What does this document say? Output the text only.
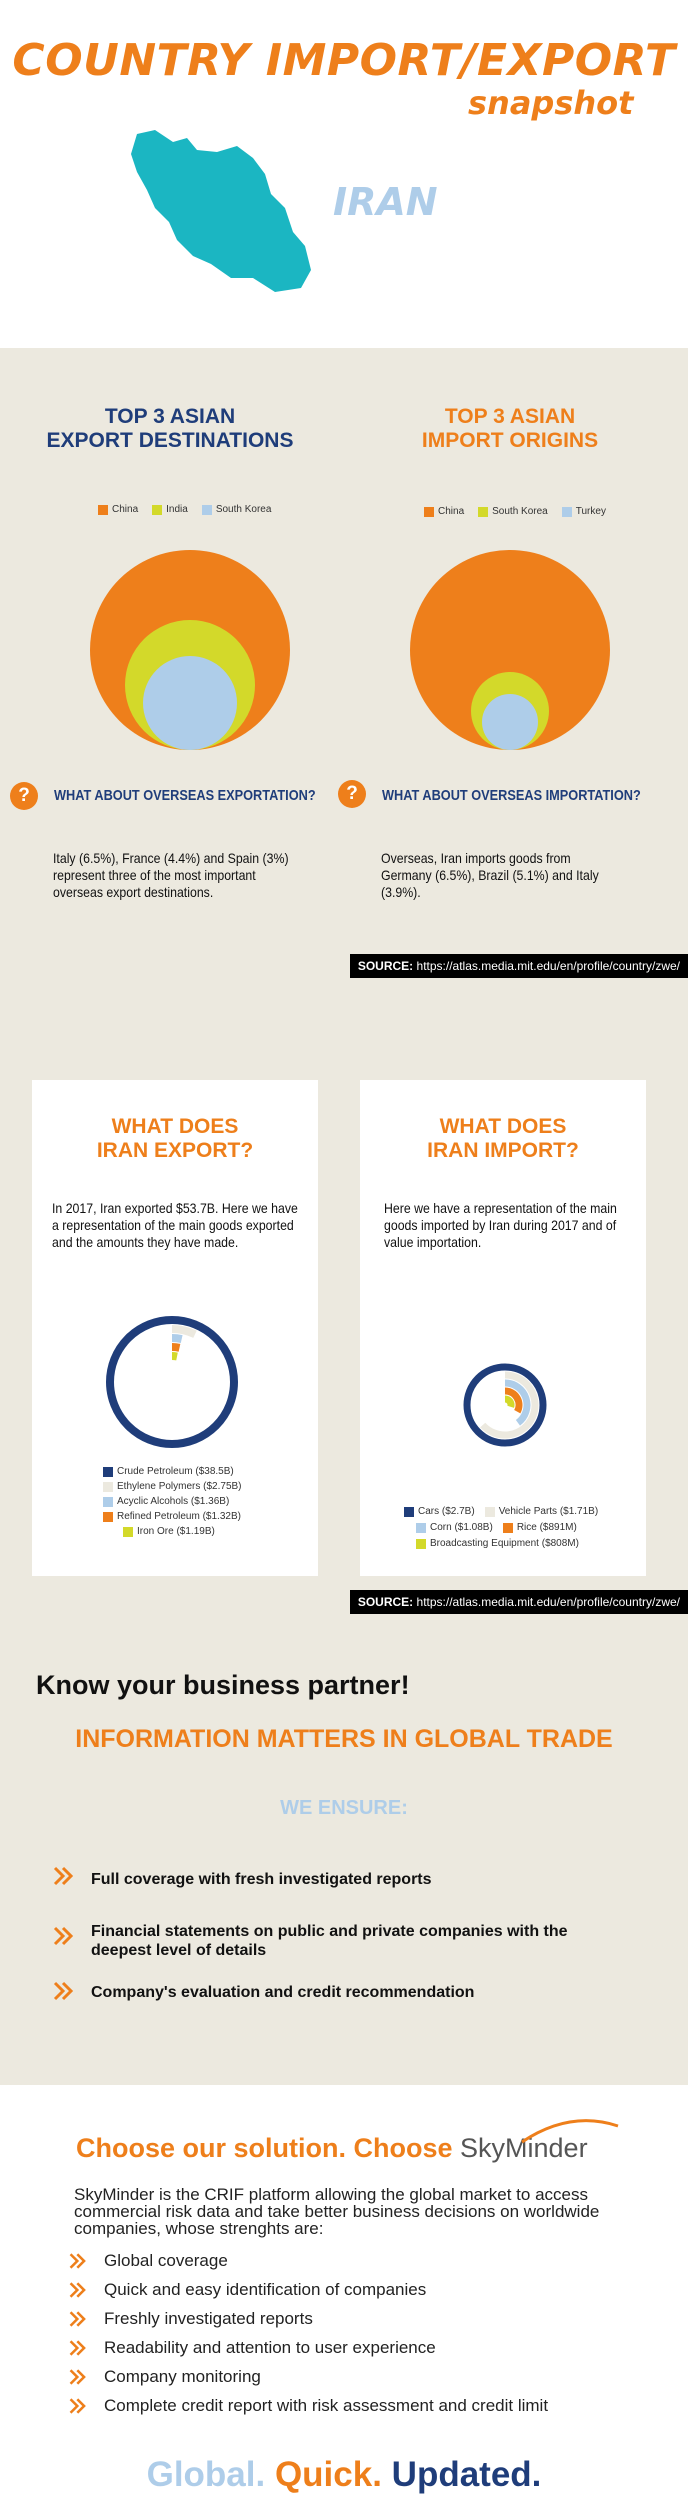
COUNTRY IMPORT/EXPORT
snapshot
IRAN
TOP 3 ASIAN
EXPORT DESTINATIONS
TOP 3 ASIAN
IMPORT ORIGINS
China	India	South Korea	China	South Korea	Turkey
?	WHAT ABOUT OVERSEAS EXPORTATION?	?	WHAT ABOUT OVERSEAS IMPORTATION?
Italy (6.5%), France (4.4%) and Spain (3%) represent three of the most important overseas export destinations.
Overseas, Iran imports goods from Germany (6.5%), Brazil (5.1%) and Italy (3.9%).
SOURCE: https://atlas.media.mit.edu/en/profile/country/zwe/
WHAT DOES
IRAN EXPORT?
In 2017, Iran exported $53.7B. Here we have a representation of the main goods exported and the amounts they have made.
Crude Petroleum ($38.5B)
Ethylene Polymers ($2.75B)
Acyclic Alcohols ($1.36B)
Refined Petroleum ($1.32B)
Iron Ore ($1.19B)
WHAT DOES
IRAN IMPORT?
Here we have a representation of the main goods imported by Iran during 2017 and of value importation.
Cars ($2.7B) Vehicle Parts ($1.71B)
Corn ($1.08B) Rice ($891M)
Broadcasting Equipment ($808M)
SOURCE: https://atlas.media.mit.edu/en/profile/country/zwe/
Know your business partner!
INFORMATION MATTERS IN GLOBAL TRADE
WE ENSURE:
Full coverage with fresh investigated reports
Financial statements on public and private companies with the deepest level of details
Company's evaluation and credit recommendation
Choose our solution. Choose SkyMinder
SkyMinder is the CRIF platform allowing the global market to access commercial risk data and take better business decisions on worldwide companies, whose strenghts are:
Global coverage
Quick and easy identification of companies
Freshly investigated reports
Readability and attention to user experience
Company monitoring
Complete credit report with risk assessment and credit limit
Global. Quick. Updated.
